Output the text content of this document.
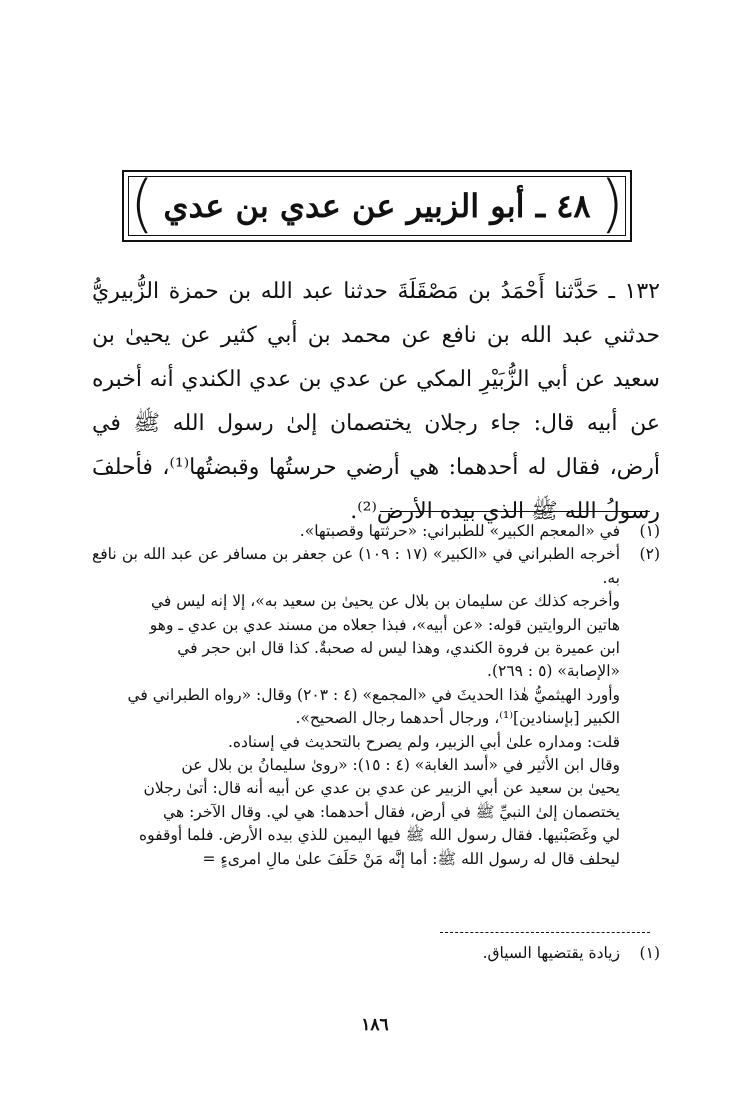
(	)
٤٨ ـ أبو الزبير عن عدي بن عدي

١٣٢ ـ حَدَّثنا أَحْمَدُ بن مَصْقَلَةَ حدثنا عبد الله بن حمزة الزُّبيريُّ حدثني عبد الله بن نافع عن محمد بن أبي كثير عن يحيىٰ بن سعيد عن أبي الزُّبَيْرِ المكي عن عدي بن عدي الكندي أنه أخبره عن أبيه قال: جاء رجلان يختصمان إلىٰ رسول الله ﷺ في أرض، فقال له أحدهما: هي أرضي حرستُها وقبضتُها⁽¹⁾، فأحلفَ رسولُ الله ﷺ الذي بيده الأرض⁽²⁾.

(١)
في «المعجم الكبير» للطبراني: «حرثتها وقصبتها».
(٢)
أخرجه الطبراني في «الكبير» (١٧ : ١٠٩) عن جعفر بن مسافر عن عبد الله بن نافع به.
وأخرجه كذلك عن سليمان بن بلال عن يحيىٰ بن سعيد به»، إلا إنه ليس في
هاتين الروايتين قوله: «عن أبيه»، فبذا جعلاه من مسند عدي بن عدي ـ وهو
ابن عميرة بن فروة الكندي، وهذا ليس له صحبةٌ. كذا قال ابن حجر في
«الإصابة» (٥ : ٢٦٩).
وأورد الهيثميُّ هٰذا الحديثَ في «المجمع» (٤ : ٢٠٣) وقال: «رواه الطبراني في
الكبير [بإسنادين]⁽¹⁾، ورجال أحدهما رجال الصحيح».
قلت: ومداره علىٰ أبي الزبير، ولم يصرح بالتحديث في إسناده.
وقال ابن الأثير في «أسد الغابة» (٤ : ١٥): «روىٰ سليمانُ بن بلال عن
يحيىٰ بن سعيد عن أبي الزبير عن عدي بن عدي عن أبيه أنه قال: أتىٰ رجلان
يختصمان إلىٰ النبيِّ ﷺ في أرض، فقال أحدهما: هي لي. وقال الآخر: هي
لي وغَصَبْنيها. فقال رسول الله ﷺ فيها اليمين للذي بيده الأرض. فلما أوقفوه
ليحلف قال له رسول الله ﷺ: أما إنَّه مَنْ حَلَفَ علىٰ مالِ امرىءٍ =
(١)
زيادة يقتضيها السياق.
١٨٦
